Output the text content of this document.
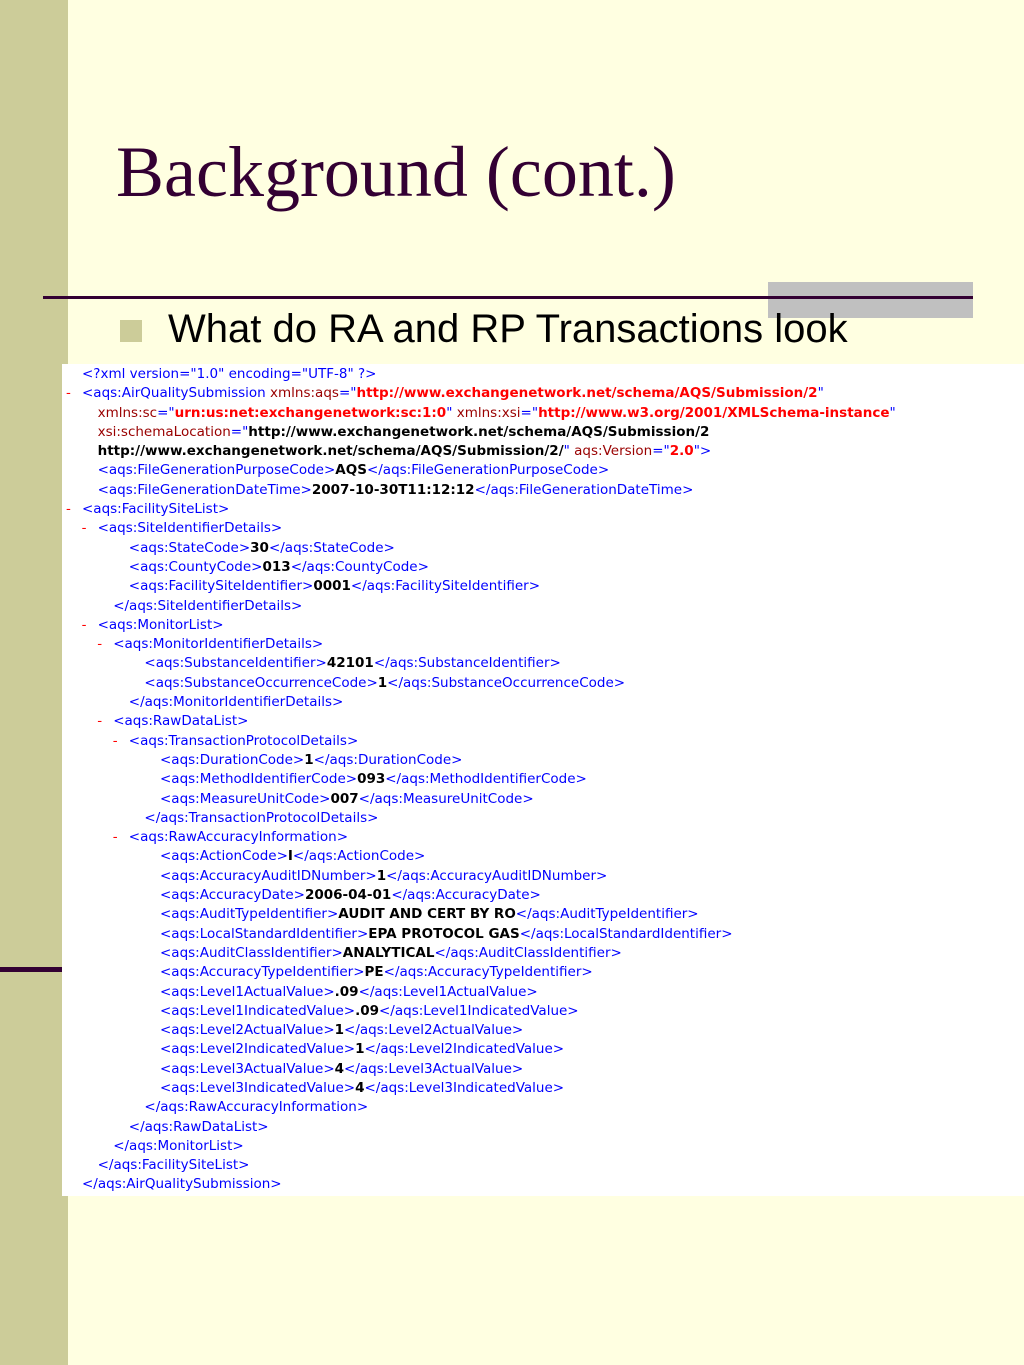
Background (cont.)

What do RA and RP Transactions look

<?xml version="1.0" encoding="UTF-8" ?>
- <aqs:AirQualitySubmission xmlns:aqs="http://www.exchangenetwork.net/schema/AQS/Submission/2"
xmlns:sc="urn:us:net:exchangenetwork:sc:1:0" xmlns:xsi="http://www.w3.org/2001/XMLSchema-instance"
xsi:schemaLocation="http://www.exchangenetwork.net/schema/AQS/Submission/2
http://www.exchangenetwork.net/schema/AQS/Submission/2/" aqs:Version="2.0">
<aqs:FileGenerationPurposeCode>AQS</aqs:FileGenerationPurposeCode>
<aqs:FileGenerationDateTime>2007-10-30T11:12:12</aqs:FileGenerationDateTime>
- <aqs:FacilitySiteList>
- <aqs:SiteIdentifierDetails>
<aqs:StateCode>30</aqs:StateCode>
<aqs:CountyCode>013</aqs:CountyCode>
<aqs:FacilitySiteIdentifier>0001</aqs:FacilitySiteIdentifier>
</aqs:SiteIdentifierDetails>
- <aqs:MonitorList>
- <aqs:MonitorIdentifierDetails>
<aqs:SubstanceIdentifier>42101</aqs:SubstanceIdentifier>
<aqs:SubstanceOccurrenceCode>1</aqs:SubstanceOccurrenceCode>
</aqs:MonitorIdentifierDetails>
- <aqs:RawDataList>
- <aqs:TransactionProtocolDetails>
<aqs:DurationCode>1</aqs:DurationCode>
<aqs:MethodIdentifierCode>093</aqs:MethodIdentifierCode>
<aqs:MeasureUnitCode>007</aqs:MeasureUnitCode>
</aqs:TransactionProtocolDetails>
- <aqs:RawAccuracyInformation>
<aqs:ActionCode>I</aqs:ActionCode>
<aqs:AccuracyAuditIDNumber>1</aqs:AccuracyAuditIDNumber>
<aqs:AccuracyDate>2006-04-01</aqs:AccuracyDate>
<aqs:AuditTypeIdentifier>AUDIT AND CERT BY RO</aqs:AuditTypeIdentifier>
<aqs:LocalStandardIdentifier>EPA PROTOCOL GAS</aqs:LocalStandardIdentifier>
<aqs:AuditClassIdentifier>ANALYTICAL</aqs:AuditClassIdentifier>
<aqs:AccuracyTypeIdentifier>PE</aqs:AccuracyTypeIdentifier>
<aqs:Level1ActualValue>.09</aqs:Level1ActualValue>
<aqs:Level1IndicatedValue>.09</aqs:Level1IndicatedValue>
<aqs:Level2ActualValue>1</aqs:Level2ActualValue>
<aqs:Level2IndicatedValue>1</aqs:Level2IndicatedValue>
<aqs:Level3ActualValue>4</aqs:Level3ActualValue>
<aqs:Level3IndicatedValue>4</aqs:Level3IndicatedValue>
</aqs:RawAccuracyInformation>
</aqs:RawDataList>
</aqs:MonitorList>
</aqs:FacilitySiteList>
</aqs:AirQualitySubmission>
